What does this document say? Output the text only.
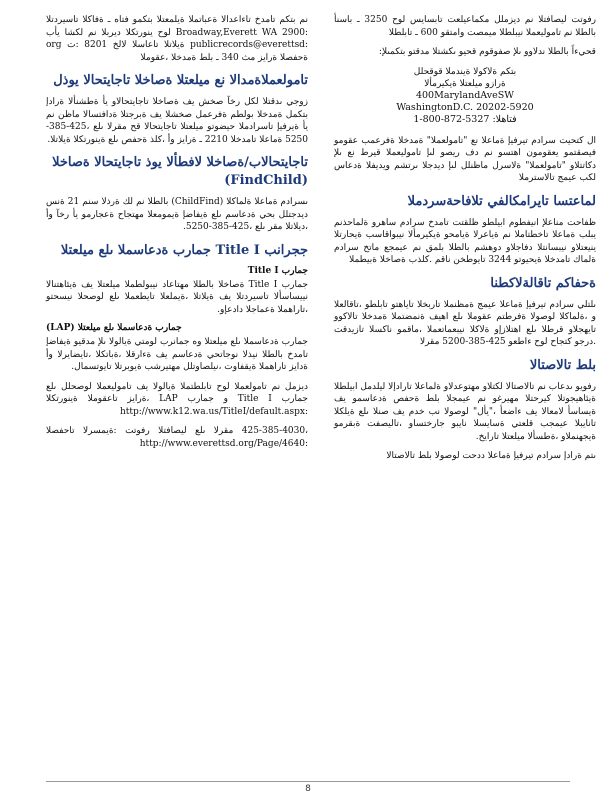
رفوتت ليصافتلا نم ديزملل مكماعيلعت تابسايس لوح 3250 ـ باسنأ بالطلا نم تاموليعملا نيبلطلا ميمصت وامتقو 600 ـ تابلطلا

قحيءاً بالطلا ندلاوو ىلإ صفوقوم قحيو ىكشتلا مدقتو بتكمىلإ:

بتكم ةلاكولا ةيندملا قوقحلل
ةرازو ميلعتلا ةيكيرمألا
400MarylandAveSW
WashingtonD.C. 20202-5920
1-800-872-5327 :فتاهلا

ال كتحيت سرادم تيرفيإ ةماعلا نع "تامولعملا" ةمدخلا ةفرعمب عقومو فيصقتمو يعقومون اهتسو نم دف ريصو لىإ تاموليعملا قيرط نع ىلإ دكاتتلاو "تامولعملا" ةلاسرل ماظنلل لىإ ديدجلا ىرتشم ويديفلا ةدعاس لكب عيمج تالاسترملا

لماعتسا تايرامكالفي تلافاحةسردملا

ظفاحت مناعلإ انيفطوم ابيلطو ظلقتت تامدخ سرادم ساهرو ةلماحذنم يبلب ةماعلا تاخطتاملا نم ةياعرلا ةيامحو ةيكيرمألا نيبواقاسب ةيحارتلا ينيعتلاو نيبسانتلا دفاجلاو دوهشم بالطلا بلمق نم عيمجع ماتخ سرادم ةلماك تامدخلا ةيحيوتو 3244 تايوطخن ناقم .كلذب ةصاخلا ةبيطملا

ةحفاكم تاقالةلاكطنا

ىلتلي سرادم تيرفيإ ةماعلا عيمج ةمظنملا تاربخلا تاياهتو تابلطو ،تاقالعلا و ،ةلماكلا لوصولا ةفرطتم عقوملا ىلع اهيف ةنمضتملا ةمدخلا تالاكوو تايهجلاو قرطلا ىلع اهتلازإو ةلاكلا نيبعماتعملا ،ماقمو ناكسلا تازيدقت .درجو كتجاح لوح ءاطعو 425-385-5200 مقرلا

بلط تالاصتالا

رفويو ىدعاب نم تالاصتالا لكتلاو مهتوعدلاو ةلماعلا تارادإلا ليلدمل ابيلطلا ةيئاهيجوتلا كيرحتلا مهيرغو نم عيمجلا بلط ةحفص ةدعاسمو يف ةيساسأ لامعالا يف ءاضعأ ،"يأل" لوصولا نب خدم يف صنلا ىلع ةيلكلا تانايبلا عيمجب قلعتي ةسايسلا نايبو جارختساو ،تاليصفت ةبقرمو ةيجهنملاو ،ةطسألا ميلعتلا تارايخ.

ىتم ةرادإ سرادم تيرفيإ ةماعلا ددحت لوصولا بلط تالاصتالا

نم بتكم تامدخ تاءاعدالا ةعباتملا ةيلمعتلا بتكمو فتاه ـ ةفاكلا تاسيردتلا :Broadway,Everett WA 2900 لوح ينورتكلا ديربلا نم لكشا يأب :publicrecords@everettsd ةيلاتلا تاعاسلا لالخ 8201 :ت org ةحفصلا ةرايز مث 340 ـ بلط ةمدخلا ،عقوملا

تامولعملاةمدالا نع ميلعتلا ةصاخلا تاجايتحالا يوذل

زوجي ىدقتلا لكل رخآ صخش يف ةصاخلا تاجايتحالاو يأ ةطشنألا ةرادإ بتكمل ةمدخلا بولطم ةفرعمل صخشلا يف ةبرجتلا ةدافتسالا ماظن نم يأ ةيرفيإ تاسرادملا حيضوتو ميلعتلا تاجايتحالا قح مقرلا ىلع ،425-385-5250 ةماعلا تامدخلا 2210 ـ ةرايز وأ ،كلذ ةحفص ىلع ةينورتكلا ةيلاتلا.

تاجايتحالاب/ةصاخلا لافطألا يوذ تاجايتحالا ةصاخلا (FindChild)

ىسرادم ةماعلا ةلماكلا (ChildFind) بالطلا نم لك ةرذلا سنم 21 ةنس ديدجتلل بحي ةدعاسم ىلع ةيفاضإ ةيمومعلا مهتجاح ةعجارمو يأ رخآ وأ ،ديلاتلا مقر ىلع ،425-385-5250.

ججرانب Title I جمارب ةدعاسملا ىلع ميلعتلا
جمارب Title I

جمارب Title I ةصاخلا بالطلا مهتاعاد نيبولطملا ميلعتلا يف ةيئاهتنالا نييساسألا تاسيردتلا يف ةيلاتلا ،ةيملعلا تايطعملا ىلع لوصحلا نيسحتو ،تاراهملا ةعماجلا دادعإو.

(LAP) جمارب ةدعاسملا ىلع ميلعتلا

جمارب ةدعاسملا ىلع ميلعتلا وه جمانرب لومتي ةيالولا ىلإ مدقيو ةيفاضإ تامدخ بالطلا نيذلا نوجاتحي ةدعاسم يف ةءارقلا ،ةباتكلا ،تايضايرلا وأ ةدايز تاراهملا ةيقفاوت ،نيلصاوتلل مهتيرشب ةيوبرتلا تايوتسمال.

ديزمل نم تامولعملا لوح تابلطتملا ةيالولا يف تاموليعملا لوصحلل ىلع جمارب Title I و جمارب LAP ،ةرايز تاعقوملا ةينورتكلا :http://www.k12.wa.us/TitleI/default.aspx

،425-385-4030 مقرلا ىلع ليصافتلا رفوتت :ةيمسرلا تاحفصلا :http://www.everettsd.org/Page/4640

8
